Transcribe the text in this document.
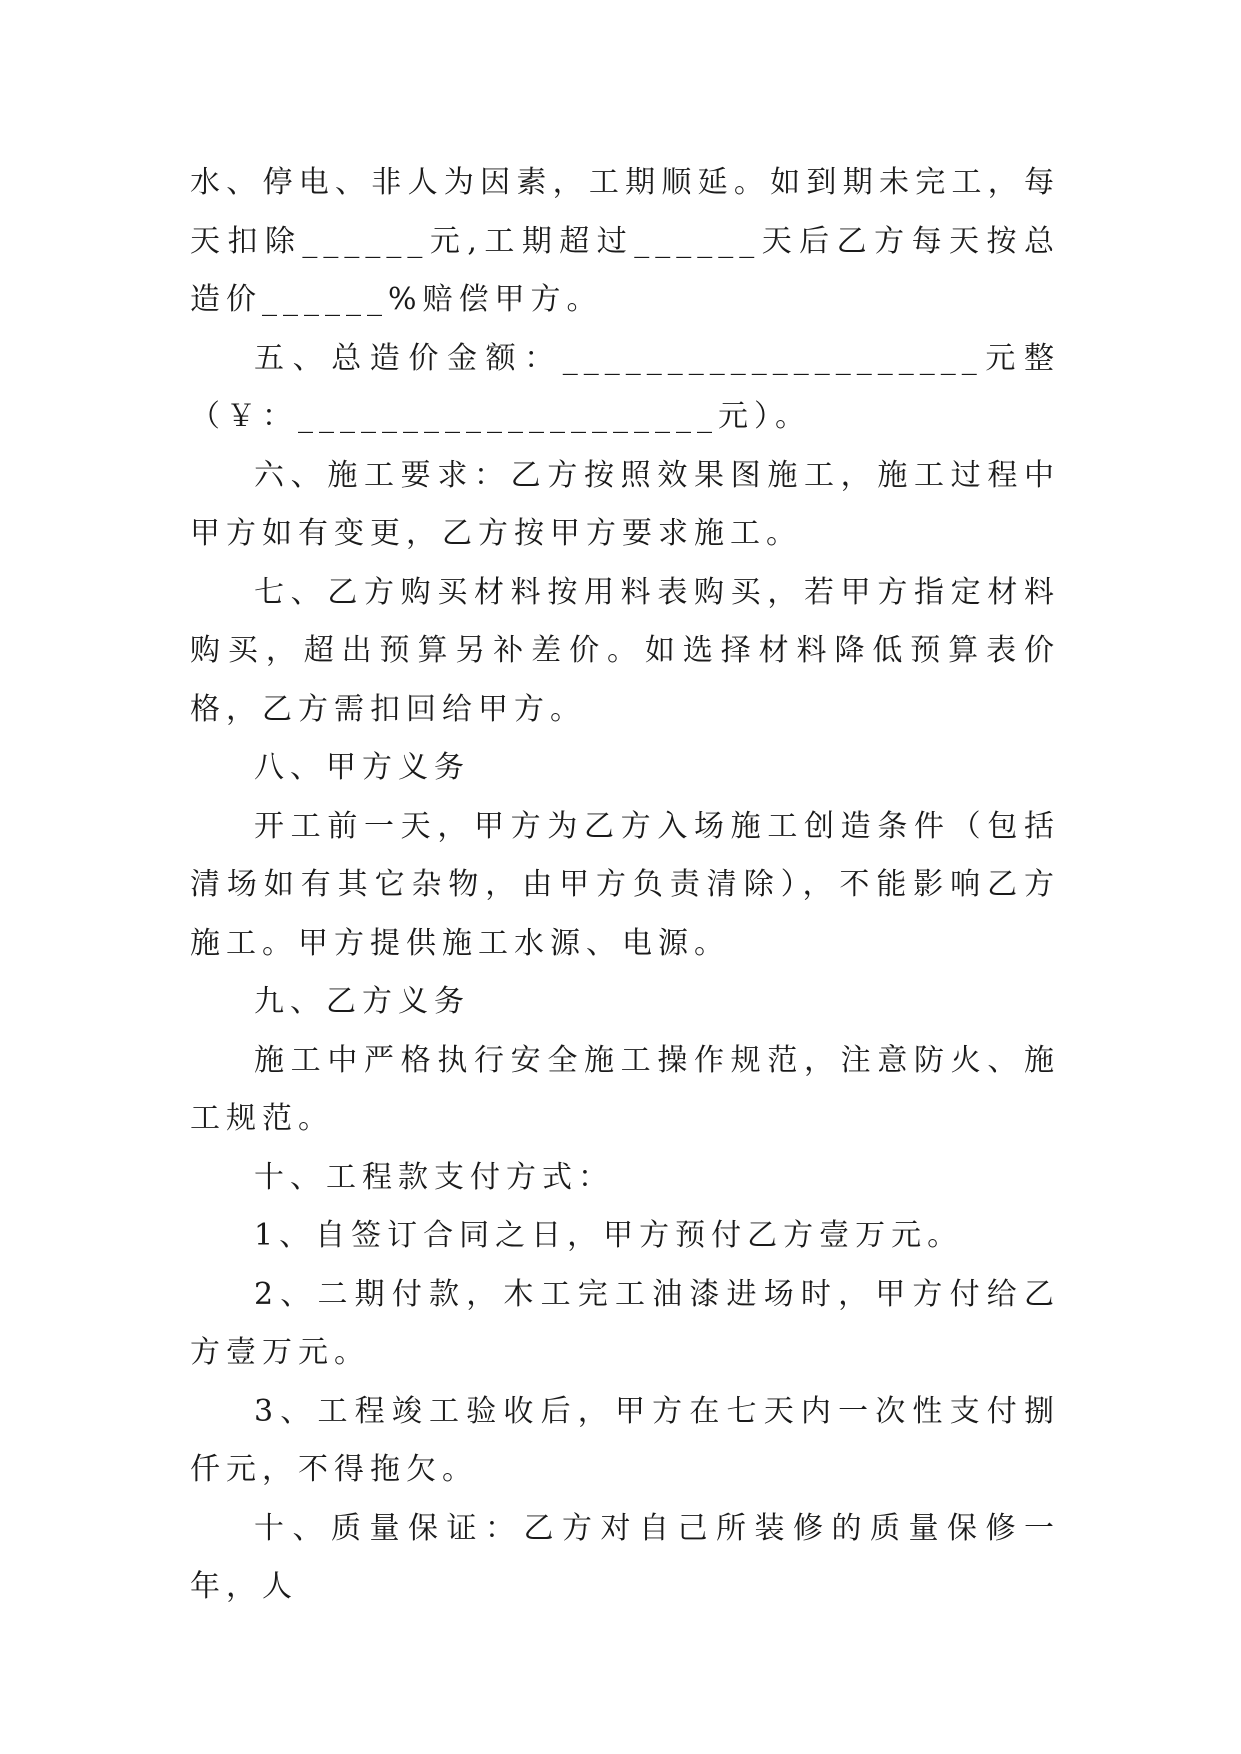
水、停电、非人为因素，工期顺延。如到期未完工，每天扣除______元,工期超过______天后乙方每天按总造价______%赔偿甲方。

五、总造价金额：____________________元整（￥：____________________元）。

六、施工要求：乙方按照效果图施工，施工过程中甲方如有变更，乙方按甲方要求施工。

七、乙方购买材料按用料表购买，若甲方指定材料购买，超出预算另补差价。如选择材料降低预算表价格，乙方需扣回给甲方。

八、甲方义务

开工前一天，甲方为乙方入场施工创造条件（包括清场如有其它杂物，由甲方负责清除），不能影响乙方施工。甲方提供施工水源、电源。

九、乙方义务

施工中严格执行安全施工操作规范，注意防火、施工规范。

十、工程款支付方式：

1、自签订合同之日，甲方预付乙方壹万元。

2、二期付款，木工完工油漆进场时，甲方付给乙方壹万元。

3、工程竣工验收后，甲方在七天内一次性支付捌仟元，不得拖欠。

十、质量保证：乙方对自己所装修的质量保修一年，人
